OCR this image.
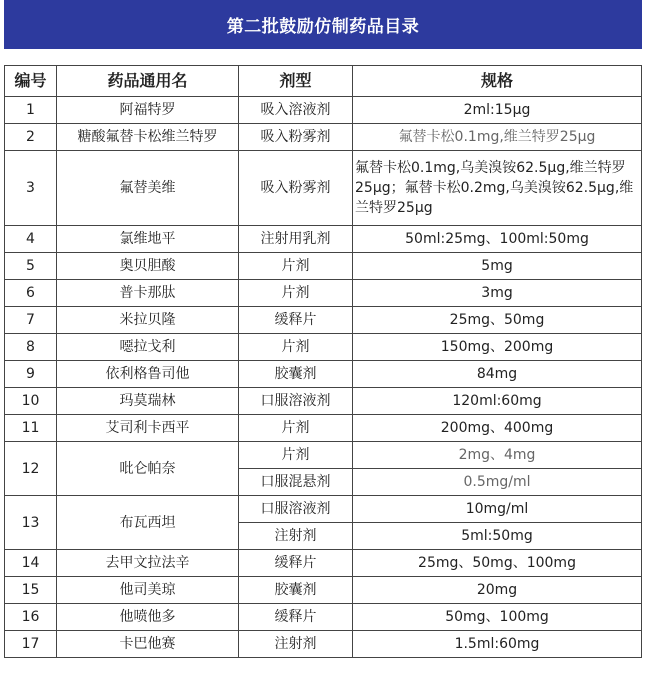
第二批鼓励仿制药品目录
编号	药品通用名	剂型	规格
1	阿福特罗	吸入溶液剂	2ml:15μg
2	糖酸氟替卡松维兰特罗	吸入粉雾剂	氟替卡松0.1mg,维兰特罗25μg
3	氟替美维	吸入粉雾剂	氟替卡松0.1mg,乌美溴铵62.5μg,维兰特罗25μg；氟替卡松0.2mg,乌美溴铵62.5μg,维兰特罗25μg
4	氯维地平	注射用乳剂	50ml:25mg、100ml:50mg
5	奥贝胆酸	片剂	5mg
6	普卡那肽	片剂	3mg
7	米拉贝隆	缓释片	25mg、50mg
8	噁拉戈利	片剂	150mg、200mg
9	依利格鲁司他	胶囊剂	84mg
10	玛莫瑞林	口服溶液剂	120ml:60mg
11	艾司利卡西平	片剂	200mg、400mg
12	吡仑帕奈	片剂	2mg、4mg
		口服混悬剂	0.5mg/ml
13	布瓦西坦	口服溶液剂	10mg/ml
		注射剂	5ml:50mg
14	去甲文拉法辛	缓释片	25mg、50mg、100mg
15	他司美琼	胶囊剂	20mg
16	他喷他多	缓释片	50mg、100mg
17	卡巴他赛	注射剂	1.5ml:60mg
